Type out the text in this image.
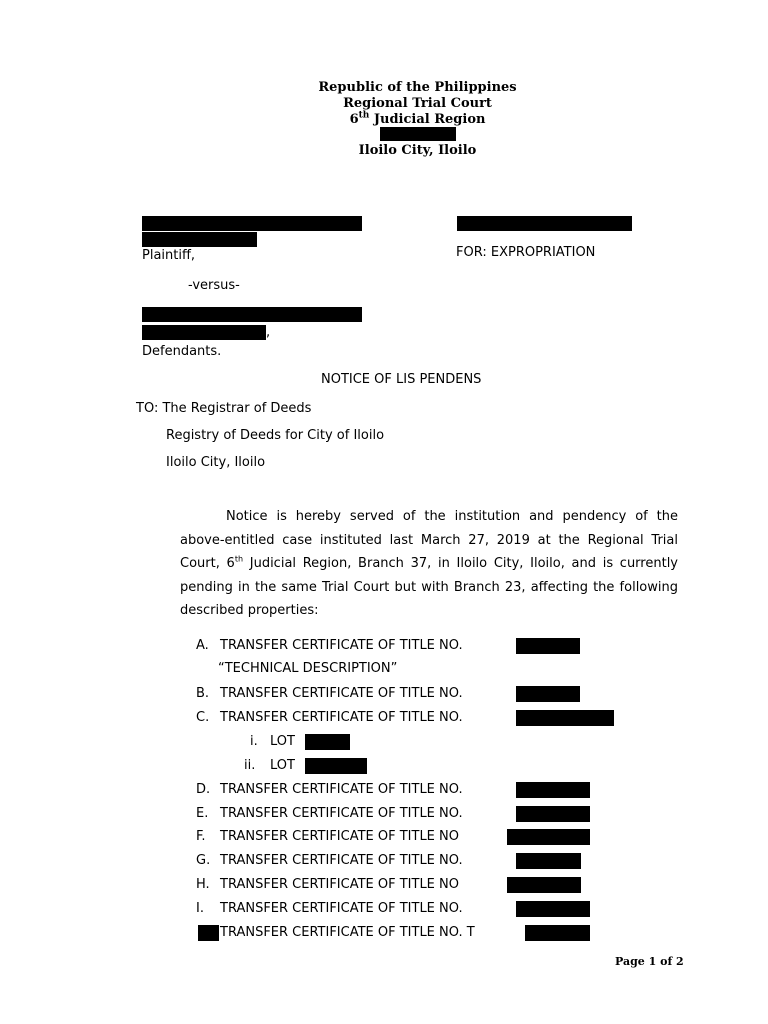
Republic of the Philippines
Regional Trial Court
6th Judicial Region
Iloilo City, Iloilo
Plaintiff,	FOR: EXPROPRIATION
-versus-
,
Defendants.
NOTICE OF LIS PENDENS
TO: The Registrar of Deeds
Registry of Deeds for City of Iloilo
Iloilo City, Iloilo
Notice is hereby served of the institution and pendency of the above-entitled case instituted last March 27, 2019 at the Regional Trial Court, 6th Judicial Region, Branch 37, in Iloilo City, Iloilo, and is currently pending in the same Trial Court but with Branch 23, affecting the following described properties:
A. TRANSFER CERTIFICATE OF TITLE NO.
“TECHNICAL DESCRIPTION”
B. TRANSFER CERTIFICATE OF TITLE NO.
C. TRANSFER CERTIFICATE OF TITLE NO.
i. LOT
ii. LOT
D. TRANSFER CERTIFICATE OF TITLE NO.
E. TRANSFER CERTIFICATE OF TITLE NO.
F. TRANSFER CERTIFICATE OF TITLE NO
G. TRANSFER CERTIFICATE OF TITLE NO.
H. TRANSFER CERTIFICATE OF TITLE NO
I. TRANSFER CERTIFICATE OF TITLE NO.
TRANSFER CERTIFICATE OF TITLE NO. T
Page 1 of 2
